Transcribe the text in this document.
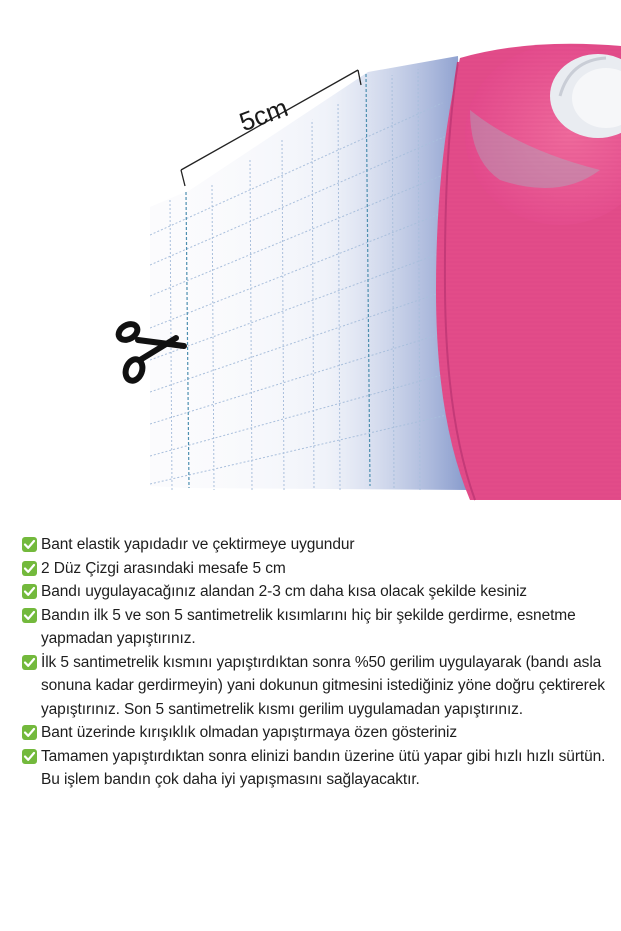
5cm
Bant elastik yapıdadır ve çektirmeye uygundur
2 Düz Çizgi arasındaki mesafe 5 cm
Bandı uygulayacağınız alandan 2-3 cm daha kısa olacak şekilde kesiniz
Bandın ilk 5 ve son 5 santimetrelik kısımlarını hiç bir şekilde gerdirme, esnetme yapmadan yapıştırınız.
İlk 5 santimetrelik kısmını yapıştırdıktan sonra %50 gerilim uygulayarak (bandı asla sonuna kadar gerdirmeyin) yani dokunun gitmesini istediğiniz yöne doğru çektirerek yapıştırınız. Son 5 santimetrelik kısmı gerilim uygulamadan yapıştırınız.
Bant üzerinde kırışıklık olmadan yapıştırmaya özen gösteriniz
Tamamen yapıştırdıktan sonra elinizi bandın üzerine ütü yapar gibi hızlı hızlı sürtün. Bu işlem bandın çok daha iyi yapışmasını sağlayacaktır.
